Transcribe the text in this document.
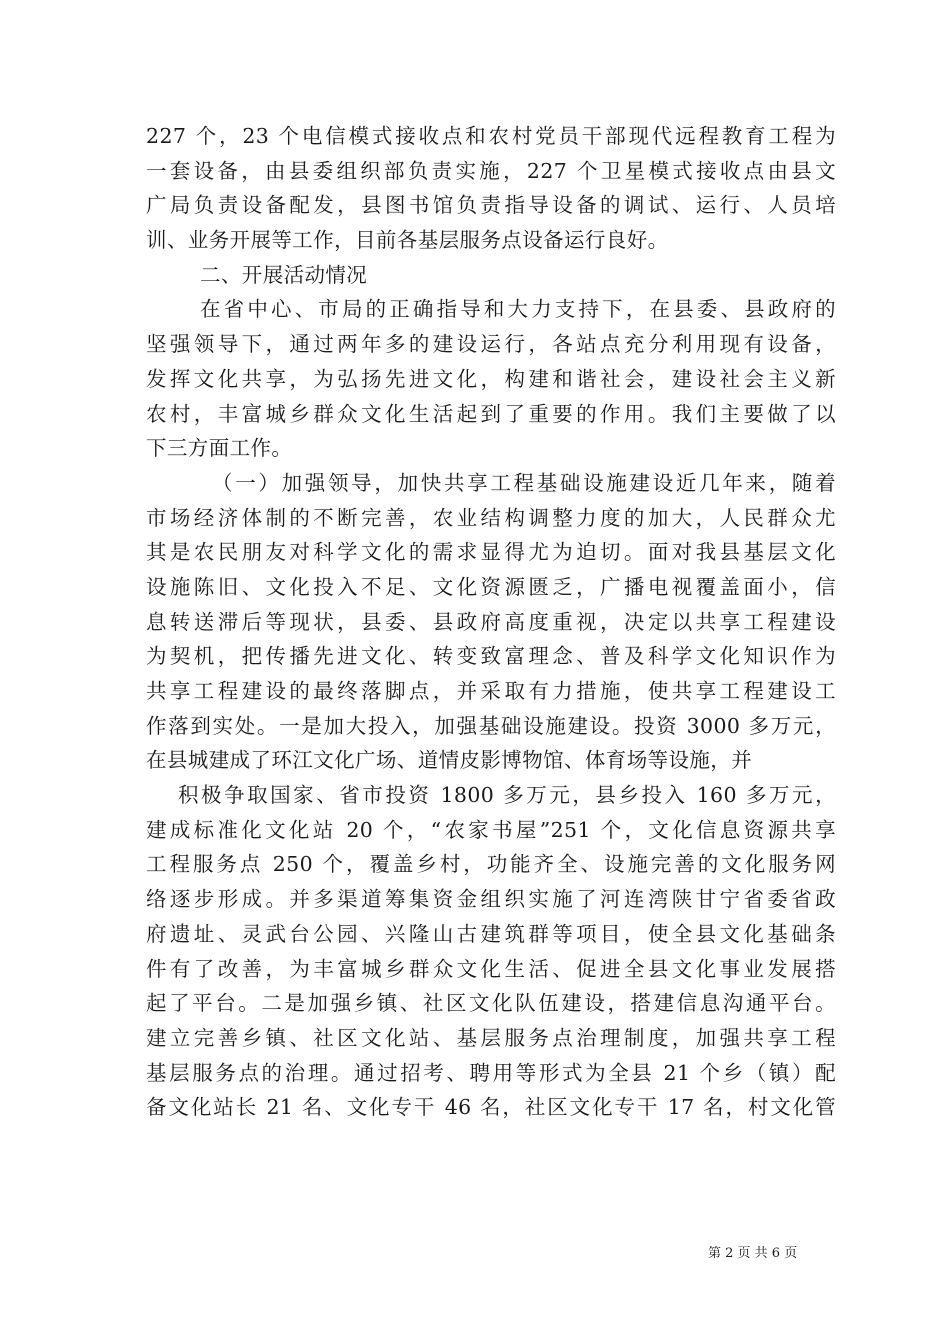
227 个，23 个电信模式接收点和农村党员干部现代远程教育工程为
一套设备，由县委组织部负责实施，227 个卫星模式接收点由县文
广局负责设备配发，县图书馆负责指导设备的调试、运行、人员培
训、业务开展等工作，目前各基层服务点设备运行良好。
二、开展活动情况
在省中心、市局的正确指导和大力支持下，在县委、县政府的
坚强领导下，通过两年多的建设运行，各站点充分利用现有设备，
发挥文化共享，为弘扬先进文化，构建和谐社会，建设社会主义新
农村，丰富城乡群众文化生活起到了重要的作用。我们主要做了以
下三方面工作。
（一）加强领导，加快共享工程基础设施建设近几年来，随着
市场经济体制的不断完善，农业结构调整力度的加大，人民群众尤
其是农民朋友对科学文化的需求显得尤为迫切。面对我县基层文化
设施陈旧、文化投入不足、文化资源匮乏，广播电视覆盖面小，信
息转送滞后等现状，县委、县政府高度重视，决定以共享工程建设
为契机，把传播先进文化、转变致富理念、普及科学文化知识作为
共享工程建设的最终落脚点，并采取有力措施，使共享工程建设工
作落到实处。一是加大投入，加强基础设施建设。投资 3000 多万元，
在县城建成了环江文化广场、道情皮影博物馆、体育场等设施，并
积极争取国家、省市投资 1800 多万元，县乡投入 160 多万元，
建成标准化文化站 20 个，“农家书屋”251 个，文化信息资源共享
工程服务点 250 个，覆盖乡村，功能齐全、设施完善的文化服务网
络逐步形成。并多渠道筹集资金组织实施了河连湾陕甘宁省委省政
府遗址、灵武台公园、兴隆山古建筑群等项目，使全县文化基础条
件有了改善，为丰富城乡群众文化生活、促进全县文化事业发展搭
起了平台。二是加强乡镇、社区文化队伍建设，搭建信息沟通平台。
建立完善乡镇、社区文化站、基层服务点治理制度，加强共享工程
基层服务点的治理。通过招考、聘用等形式为全县 21 个乡（镇）配
备文化站长 21 名、文化专干 46 名，社区文化专干 17 名，村文化管
第 2 页 共 6 页
